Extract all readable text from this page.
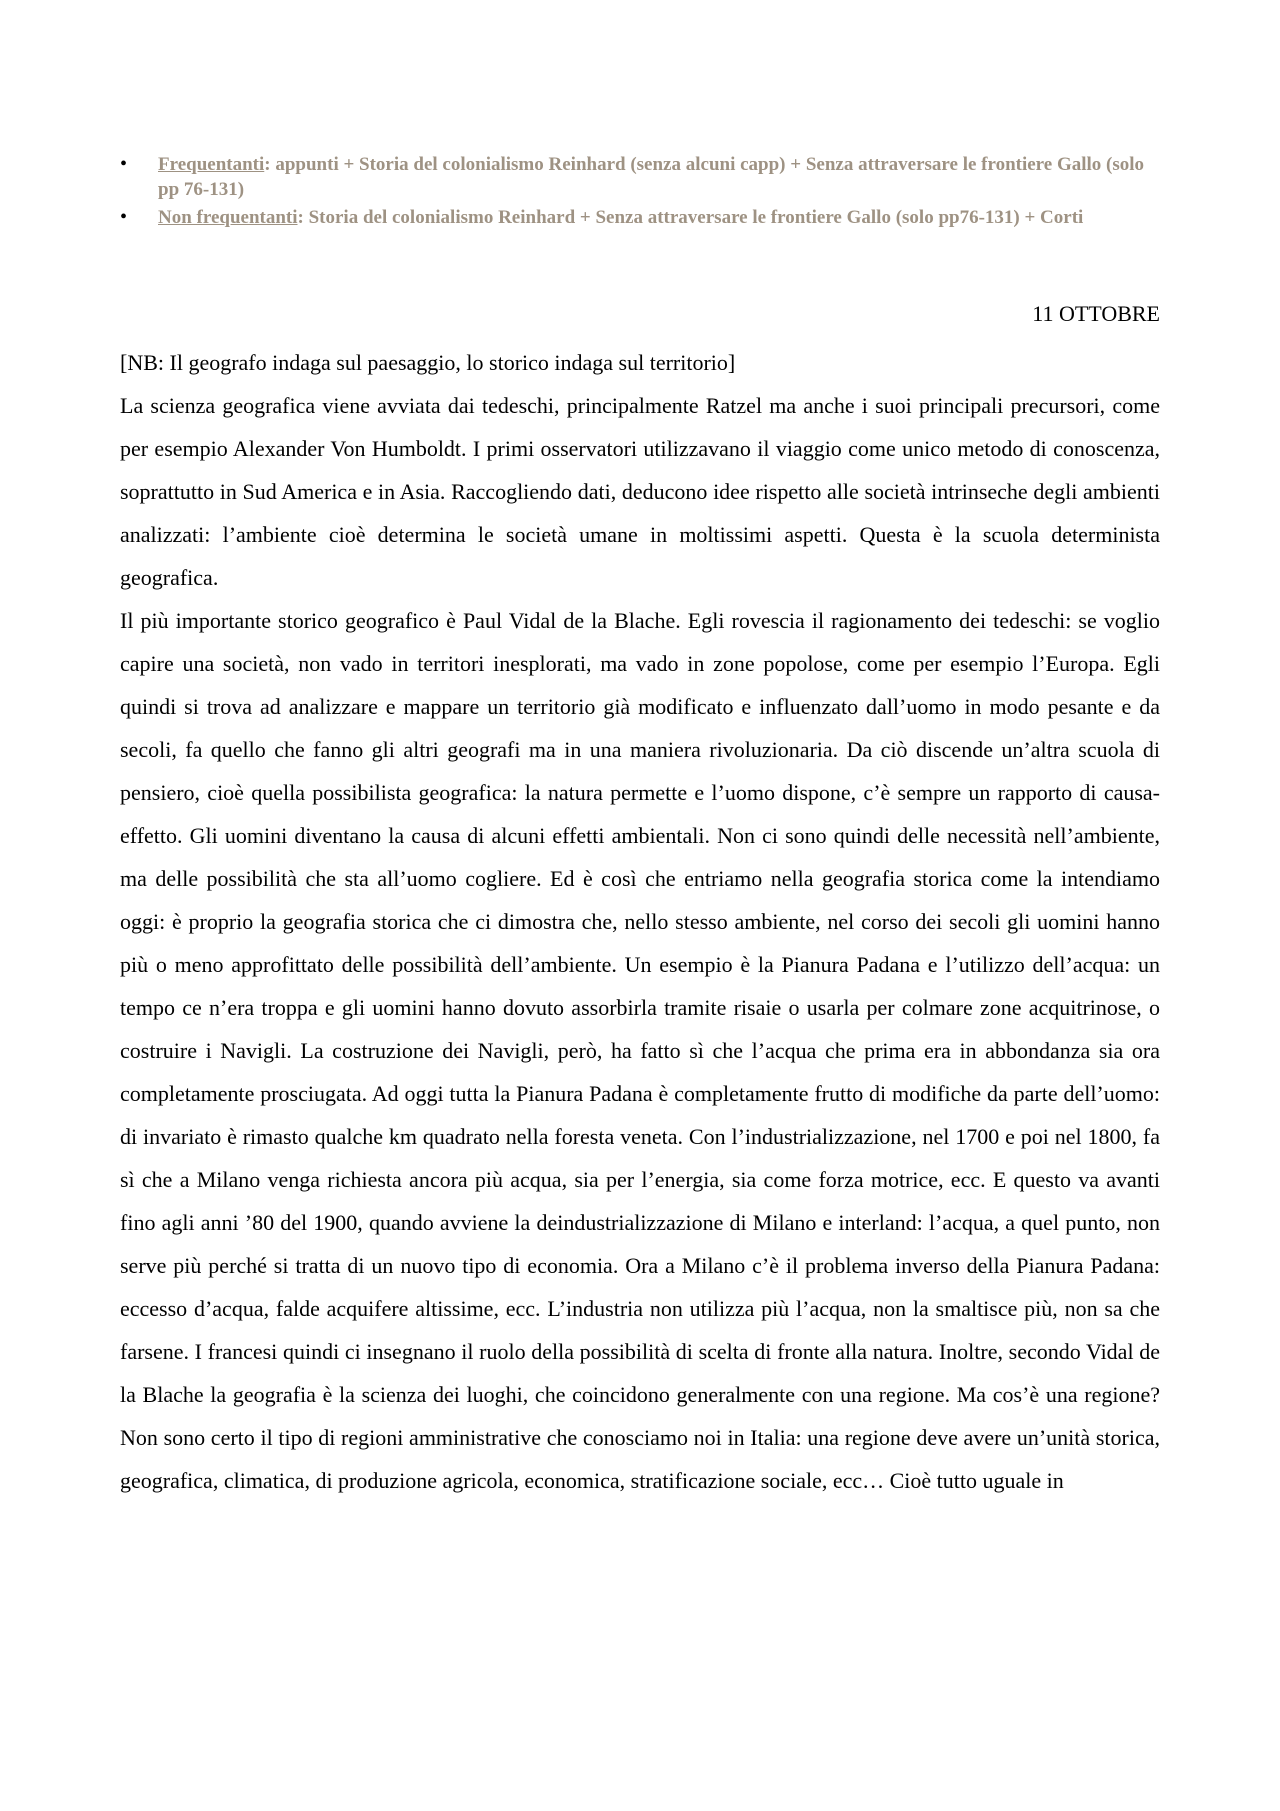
• Frequentanti: appunti + Storia del colonialismo Reinhard (senza alcuni capp) + Senza attraversare le frontiere Gallo (solo pp 76-131)
• Non frequentanti: Storia del colonialismo Reinhard + Senza attraversare le frontiere Gallo (solo pp76-131) + Corti
11 OTTOBRE

[NB: Il geografo indaga sul paesaggio, lo storico indaga sul territorio]

La scienza geografica viene avviata dai tedeschi, principalmente Ratzel ma anche i suoi principali precursori, come per esempio Alexander Von Humboldt. I primi osservatori utilizzavano il viaggio come unico metodo di conoscenza, soprattutto in Sud America e in Asia. Raccogliendo dati, deducono idee rispetto alle società intrinseche degli ambienti analizzati: l’ambiente cioè determina le società umane in moltissimi aspetti. Questa è la scuola determinista geografica.

Il più importante storico geografico è Paul Vidal de la Blache. Egli rovescia il ragionamento dei tedeschi: se voglio capire una società, non vado in territori inesplorati, ma vado in zone popolose, come per esempio l’Europa. Egli quindi si trova ad analizzare e mappare un territorio già modificato e influenzato dall’uomo in modo pesante e da secoli, fa quello che fanno gli altri geografi ma in una maniera rivoluzionaria. Da ciò discende un’altra scuola di pensiero, cioè quella possibilista geografica: la natura permette e l’uomo dispone, c’è sempre un rapporto di causa-effetto. Gli uomini diventano la causa di alcuni effetti ambientali. Non ci sono quindi delle necessità nell’ambiente, ma delle possibilità che sta all’uomo cogliere. Ed è così che entriamo nella geografia storica come la intendiamo oggi: è proprio la geografia storica che ci dimostra che, nello stesso ambiente, nel corso dei secoli gli uomini hanno più o meno approfittato delle possibilità dell’ambiente. Un esempio è la Pianura Padana e l’utilizzo dell’acqua: un tempo ce n’era troppa e gli uomini hanno dovuto assorbirla tramite risaie o usarla per colmare zone acquitrinose, o costruire i Navigli. La costruzione dei Navigli, però, ha fatto sì che l’acqua che prima era in abbondanza sia ora completamente prosciugata. Ad oggi tutta la Pianura Padana è completamente frutto di modifiche da parte dell’uomo: di invariato è rimasto qualche km quadrato nella foresta veneta. Con l’industrializzazione, nel 1700 e poi nel 1800, fa sì che a Milano venga richiesta ancora più acqua, sia per l’energia, sia come forza motrice, ecc. E questo va avanti fino agli anni ’80 del 1900, quando avviene la deindustrializzazione di Milano e interland: l’acqua, a quel punto, non serve più perché si tratta di un nuovo tipo di economia. Ora a Milano c’è il problema inverso della Pianura Padana: eccesso d’acqua, falde acquifere altissime, ecc. L’industria non utilizza più l’acqua, non la smaltisce più, non sa che farsene. I francesi quindi ci insegnano il ruolo della possibilità di scelta di fronte alla natura. Inoltre, secondo Vidal de la Blache la geografia è la scienza dei luoghi, che coincidono generalmente con una regione. Ma cos’è una regione? Non sono certo il tipo di regioni amministrative che conosciamo noi in Italia: una regione deve avere un’unità storica, geografica, climatica, di produzione agricola, economica, stratificazione sociale, ecc… Cioè tutto uguale in
